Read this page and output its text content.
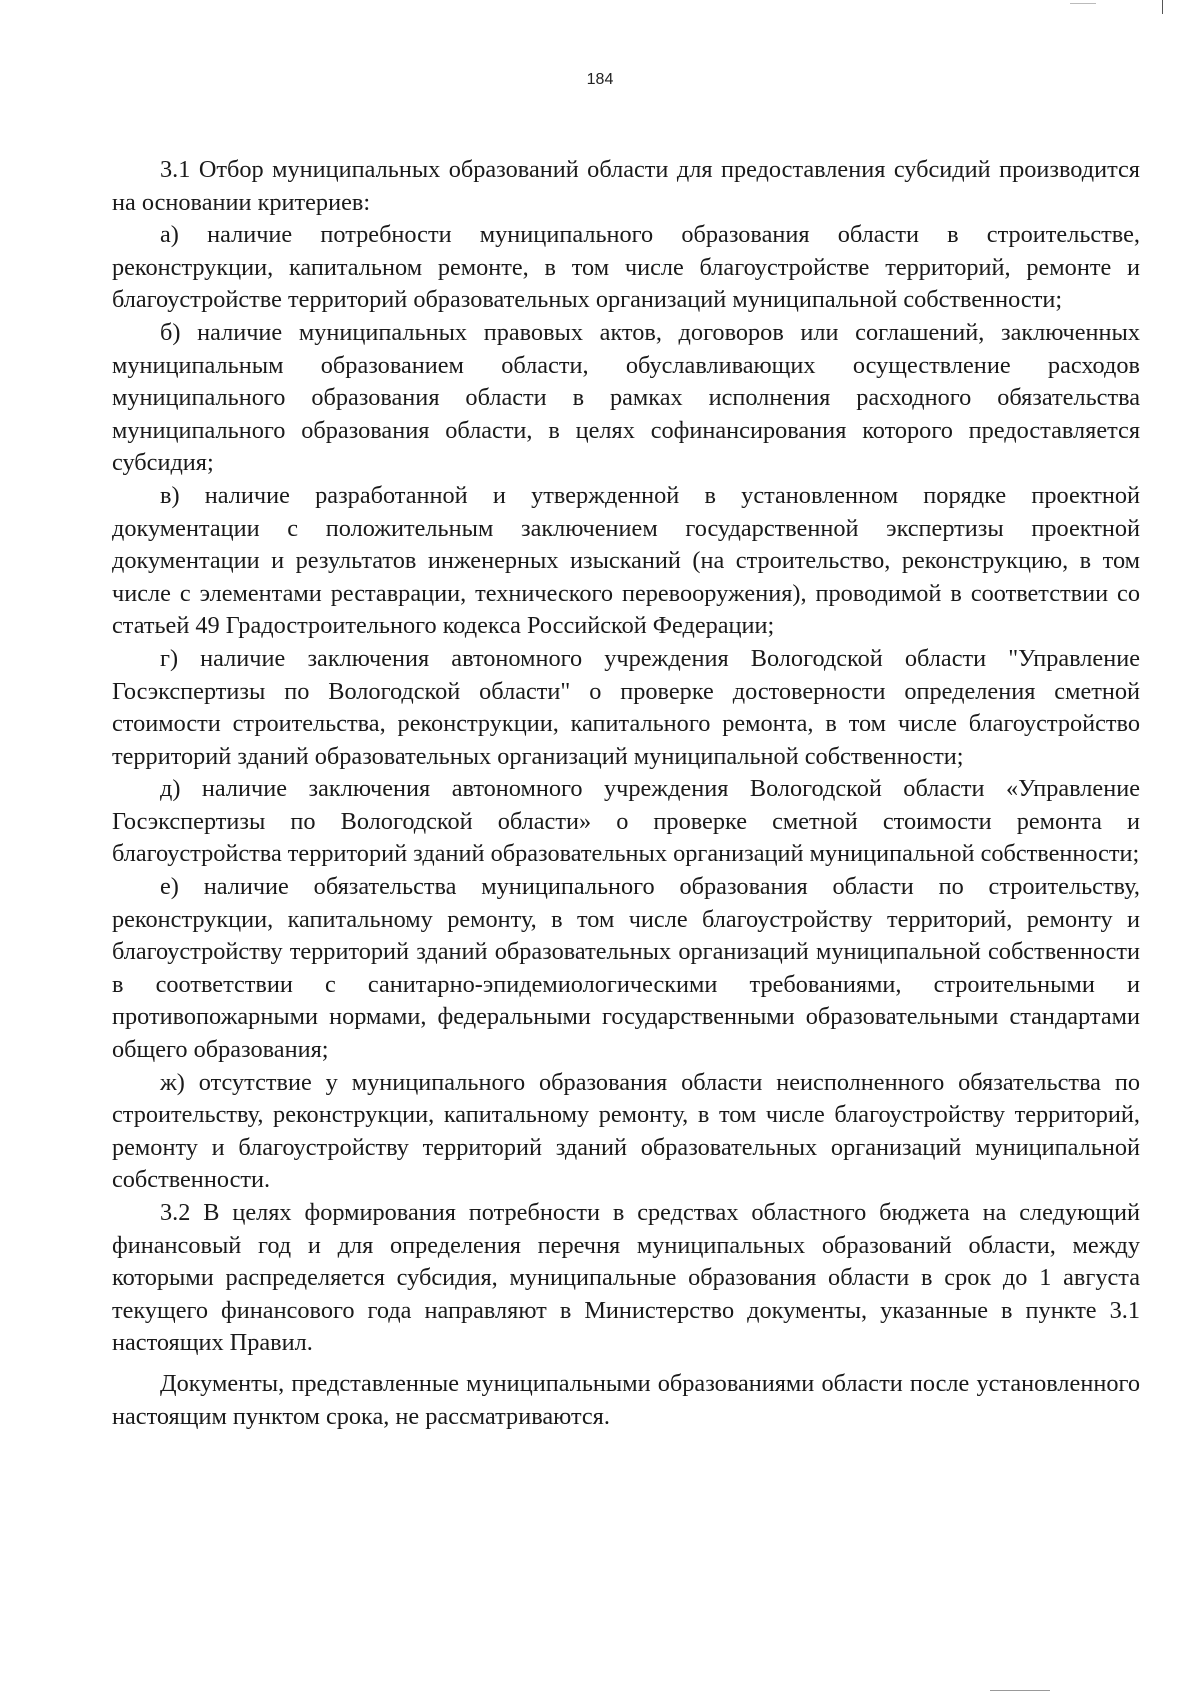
184

3.1 Отбор муниципальных образований области для предоставления субсидий производится на основании критериев:

а) наличие потребности муниципального образования области в строительстве, реконструкции, капитальном ремонте, в том числе благоустройстве территорий, ремонте и благоустройстве территорий образовательных организаций муниципальной собственности;

б) наличие муниципальных правовых актов, договоров или соглашений, заключенных муниципальным образованием области, обуславливающих осуществление расходов муниципального образования области в рамках исполнения расходного обязательства муниципального образования области, в целях софинансирования которого предоставляется субсидия;

в) наличие разработанной и утвержденной в установленном порядке проектной документации с положительным заключением государственной экспертизы проектной документации и результатов инженерных изысканий (на строительство, реконструкцию, в том числе с элементами реставрации, технического перевооружения), проводимой в соответствии со статьей 49 Градостроительного кодекса Российской Федерации;

г) наличие заключения автономного учреждения Вологодской области "Управление Госэкспертизы по Вологодской области" о проверке достоверности определения сметной стоимости строительства, реконструкции, капитального ремонта, в том числе благоустройство территорий зданий образовательных организаций муниципальной собственности;

д) наличие заключения автономного учреждения Вологодской области «Управление Госэкспертизы по Вологодской области» о проверке сметной стоимости ремонта и благоустройства территорий зданий образовательных организаций муниципальной собственности;

е) наличие обязательства муниципального образования области по строительству, реконструкции, капитальному ремонту, в том числе благоустройству территорий, ремонту и благоустройству территорий зданий образовательных организаций муниципальной собственности в соответствии с санитарно-эпидемиологическими требованиями, строительными и противопожарными нормами, федеральными государственными образовательными стандартами общего образования;

ж) отсутствие у муниципального образования области неисполненного обязательства по строительству, реконструкции, капитальному ремонту, в том числе благоустройству территорий, ремонту и благоустройству территорий зданий образовательных организаций муниципальной собственности.

3.2 В целях формирования потребности в средствах областного бюджета на следующий финансовый год и для определения перечня муниципальных образований области, между которыми распределяется субсидия, муниципальные образования области в срок до 1 августа текущего финансового года направляют в Министерство документы, указанные в пункте 3.1 настоящих Правил.

Документы, представленные муниципальными образованиями области после установленного настоящим пунктом срока, не рассматриваются.
